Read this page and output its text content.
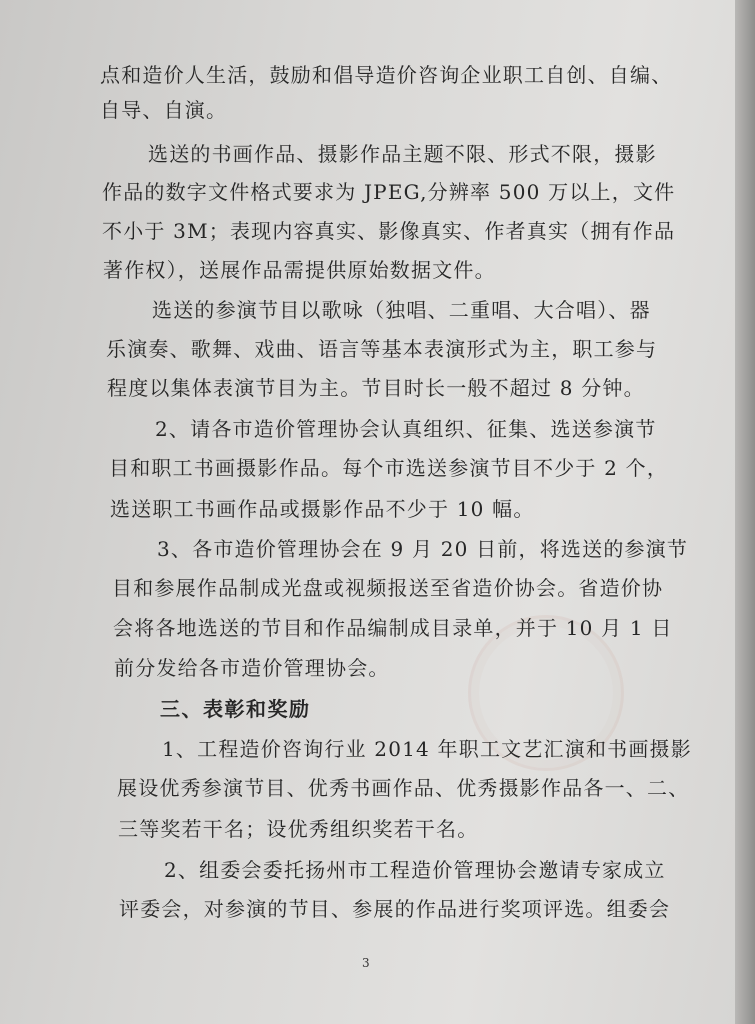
点和造价人生活，鼓励和倡导造价咨询企业职工自创、自编、
自导、自演。
选送的书画作品、摄影作品主题不限、形式不限，摄影
作品的数字文件格式要求为 JPEG,分辨率 500 万以上，文件
不小于 3M；表现内容真实、影像真实、作者真实（拥有作品
著作权），送展作品需提供原始数据文件。
选送的参演节目以歌咏（独唱、二重唱、大合唱）、器
乐演奏、歌舞、戏曲、语言等基本表演形式为主，职工参与
程度以集体表演节目为主。节目时长一般不超过 8 分钟。
2、请各市造价管理协会认真组织、征集、选送参演节
目和职工书画摄影作品。每个市选送参演节目不少于 2 个，
选送职工书画作品或摄影作品不少于 10 幅。
3、各市造价管理协会在 9 月 20 日前，将选送的参演节
目和参展作品制成光盘或视频报送至省造价协会。省造价协
会将各地选送的节目和作品编制成目录单，并于 10 月 1 日
前分发给各市造价管理协会。
三、表彰和奖励
1、工程造价咨询行业 2014 年职工文艺汇演和书画摄影
展设优秀参演节目、优秀书画作品、优秀摄影作品各一、二、
三等奖若干名；设优秀组织奖若干名。
2、组委会委托扬州市工程造价管理协会邀请专家成立
评委会，对参演的节目、参展的作品进行奖项评选。组委会
3
